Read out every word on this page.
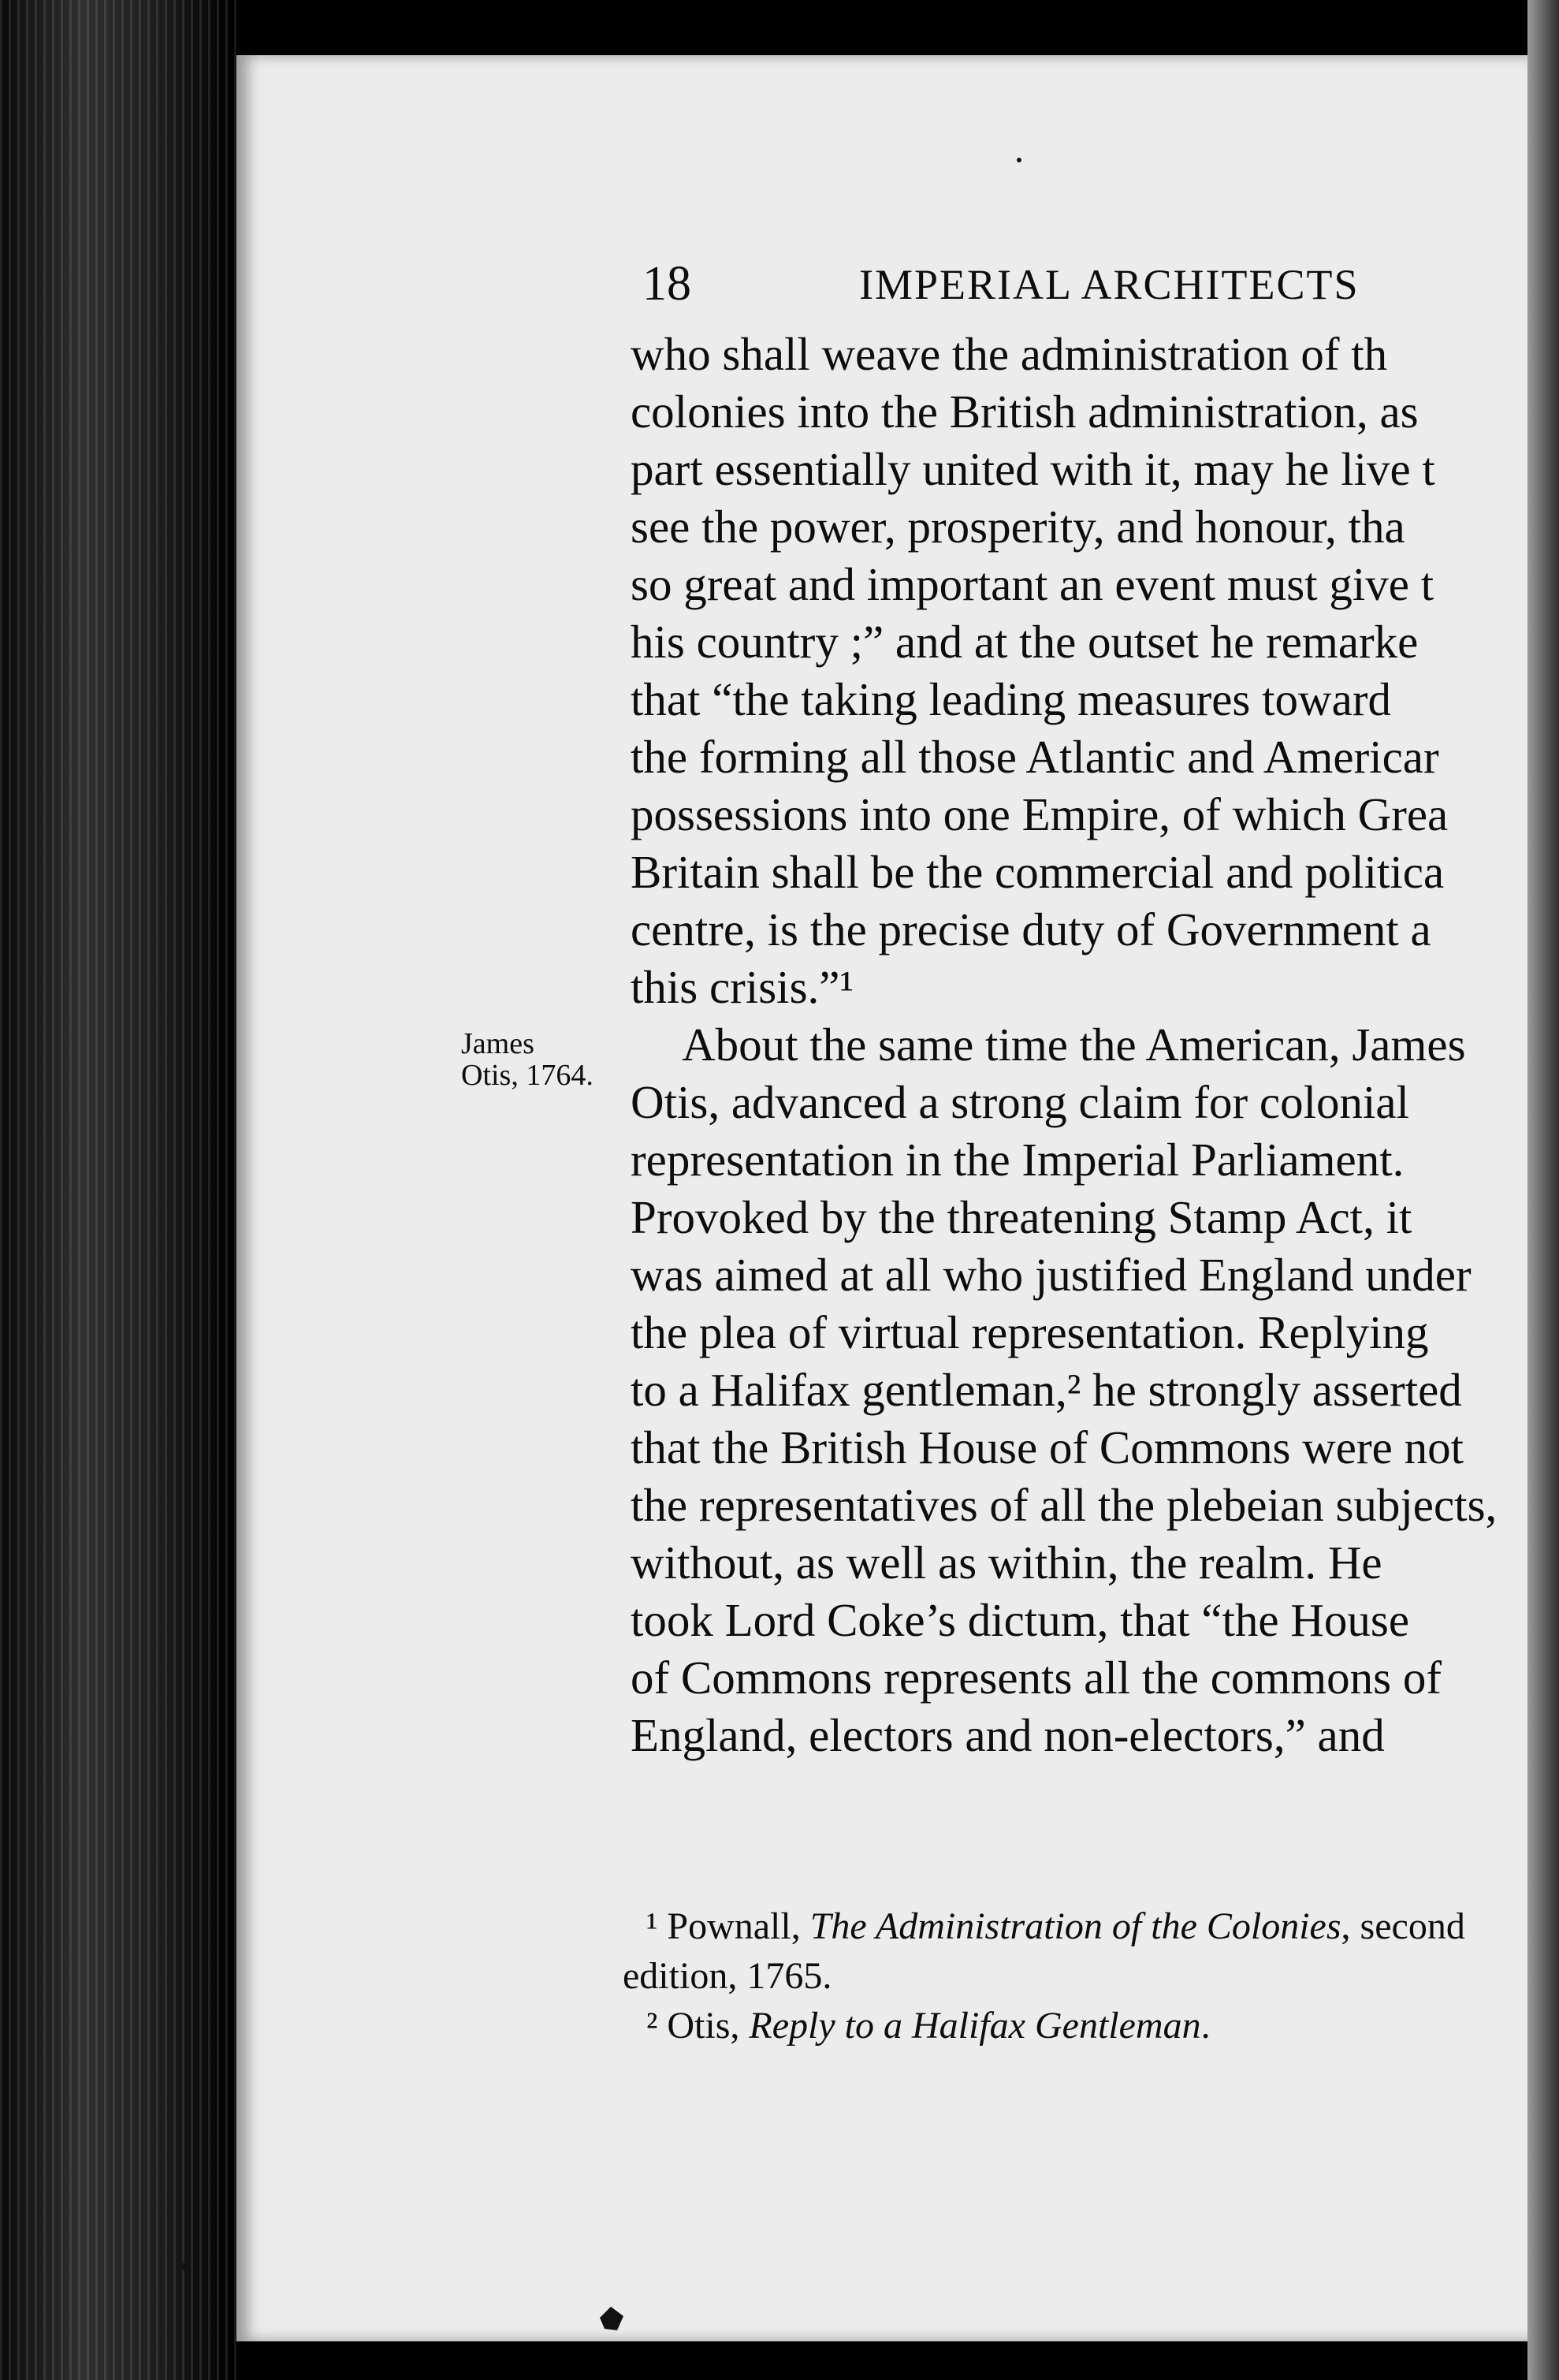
18	IMPERIAL ARCHITECTS
James
Otis, 1764.
who shall weave the administration of th
colonies into the British administration, as
part essentially united with it, may he live t
see the power, prosperity, and honour, tha
so great and important an event must give t
his country ;” and at the outset he remarke
that “the taking leading measures toward
the forming all those Atlantic and Americar
possessions into one Empire, of which Grea
Britain shall be the commercial and politica
centre, is the precise duty of Government a
this crisis.”¹
About the same time the American, James
Otis, advanced a strong claim for colonial
representation in the Imperial Parliament.
Provoked by the threatening Stamp Act, it
was aimed at all who justified England under
the plea of virtual representation. Replying
to a Halifax gentleman,² he strongly asserted
that the British House of Commons were not
the representatives of all the plebeian subjects,
without, as well as within, the realm. He
took Lord Coke’s dictum, that “the House
of Commons represents all the commons of
England, electors and non-electors,” and
¹ Pownall, The Administration of the Colonies, second
edition, 1765.
² Otis, Reply to a Halifax Gentleman.
